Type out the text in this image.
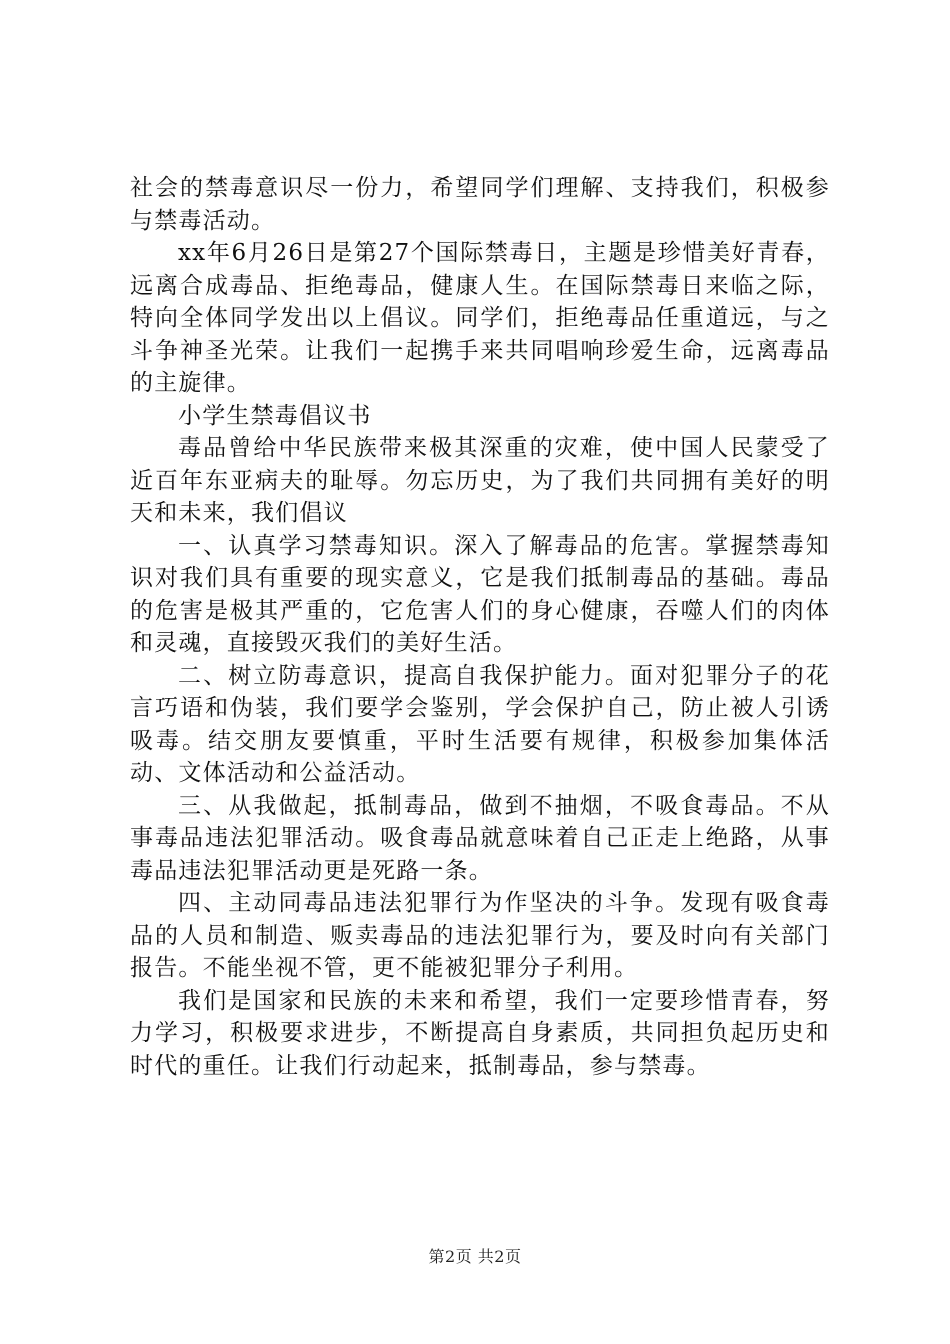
社会的禁毒意识尽一份力，希望同学们理解、支持我们，积极参与禁毒活动。

xx年6月26日是第27个国际禁毒日，主题是珍惜美好青春，远离合成毒品、拒绝毒品，健康人生。在国际禁毒日来临之际，特向全体同学发出以上倡议。同学们，拒绝毒品任重道远，与之斗争神圣光荣。让我们一起携手来共同唱响珍爱生命，远离毒品的主旋律。

小学生禁毒倡议书

毒品曾给中华民族带来极其深重的灾难，使中国人民蒙受了近百年东亚病夫的耻辱。勿忘历史，为了我们共同拥有美好的明天和未来，我们倡议

一、认真学习禁毒知识。深入了解毒品的危害。掌握禁毒知识对我们具有重要的现实意义，它是我们抵制毒品的基础。毒品的危害是极其严重的，它危害人们的身心健康，吞噬人们的肉体和灵魂，直接毁灭我们的美好生活。

二、树立防毒意识，提高自我保护能力。面对犯罪分子的花言巧语和伪装，我们要学会鉴别，学会保护自己，防止被人引诱吸毒。结交朋友要慎重，平时生活要有规律，积极参加集体活动、文体活动和公益活动。

三、从我做起，抵制毒品，做到不抽烟，不吸食毒品。不从事毒品违法犯罪活动。吸食毒品就意味着自己正走上绝路，从事毒品违法犯罪活动更是死路一条。

四、主动同毒品违法犯罪行为作坚决的斗争。发现有吸食毒品的人员和制造、贩卖毒品的违法犯罪行为，要及时向有关部门报告。不能坐视不管，更不能被犯罪分子利用。

我们是国家和民族的未来和希望，我们一定要珍惜青春，努力学习，积极要求进步，不断提高自身素质，共同担负起历史和时代的重任。让我们行动起来，抵制毒品，参与禁毒。

第2页 共2页
